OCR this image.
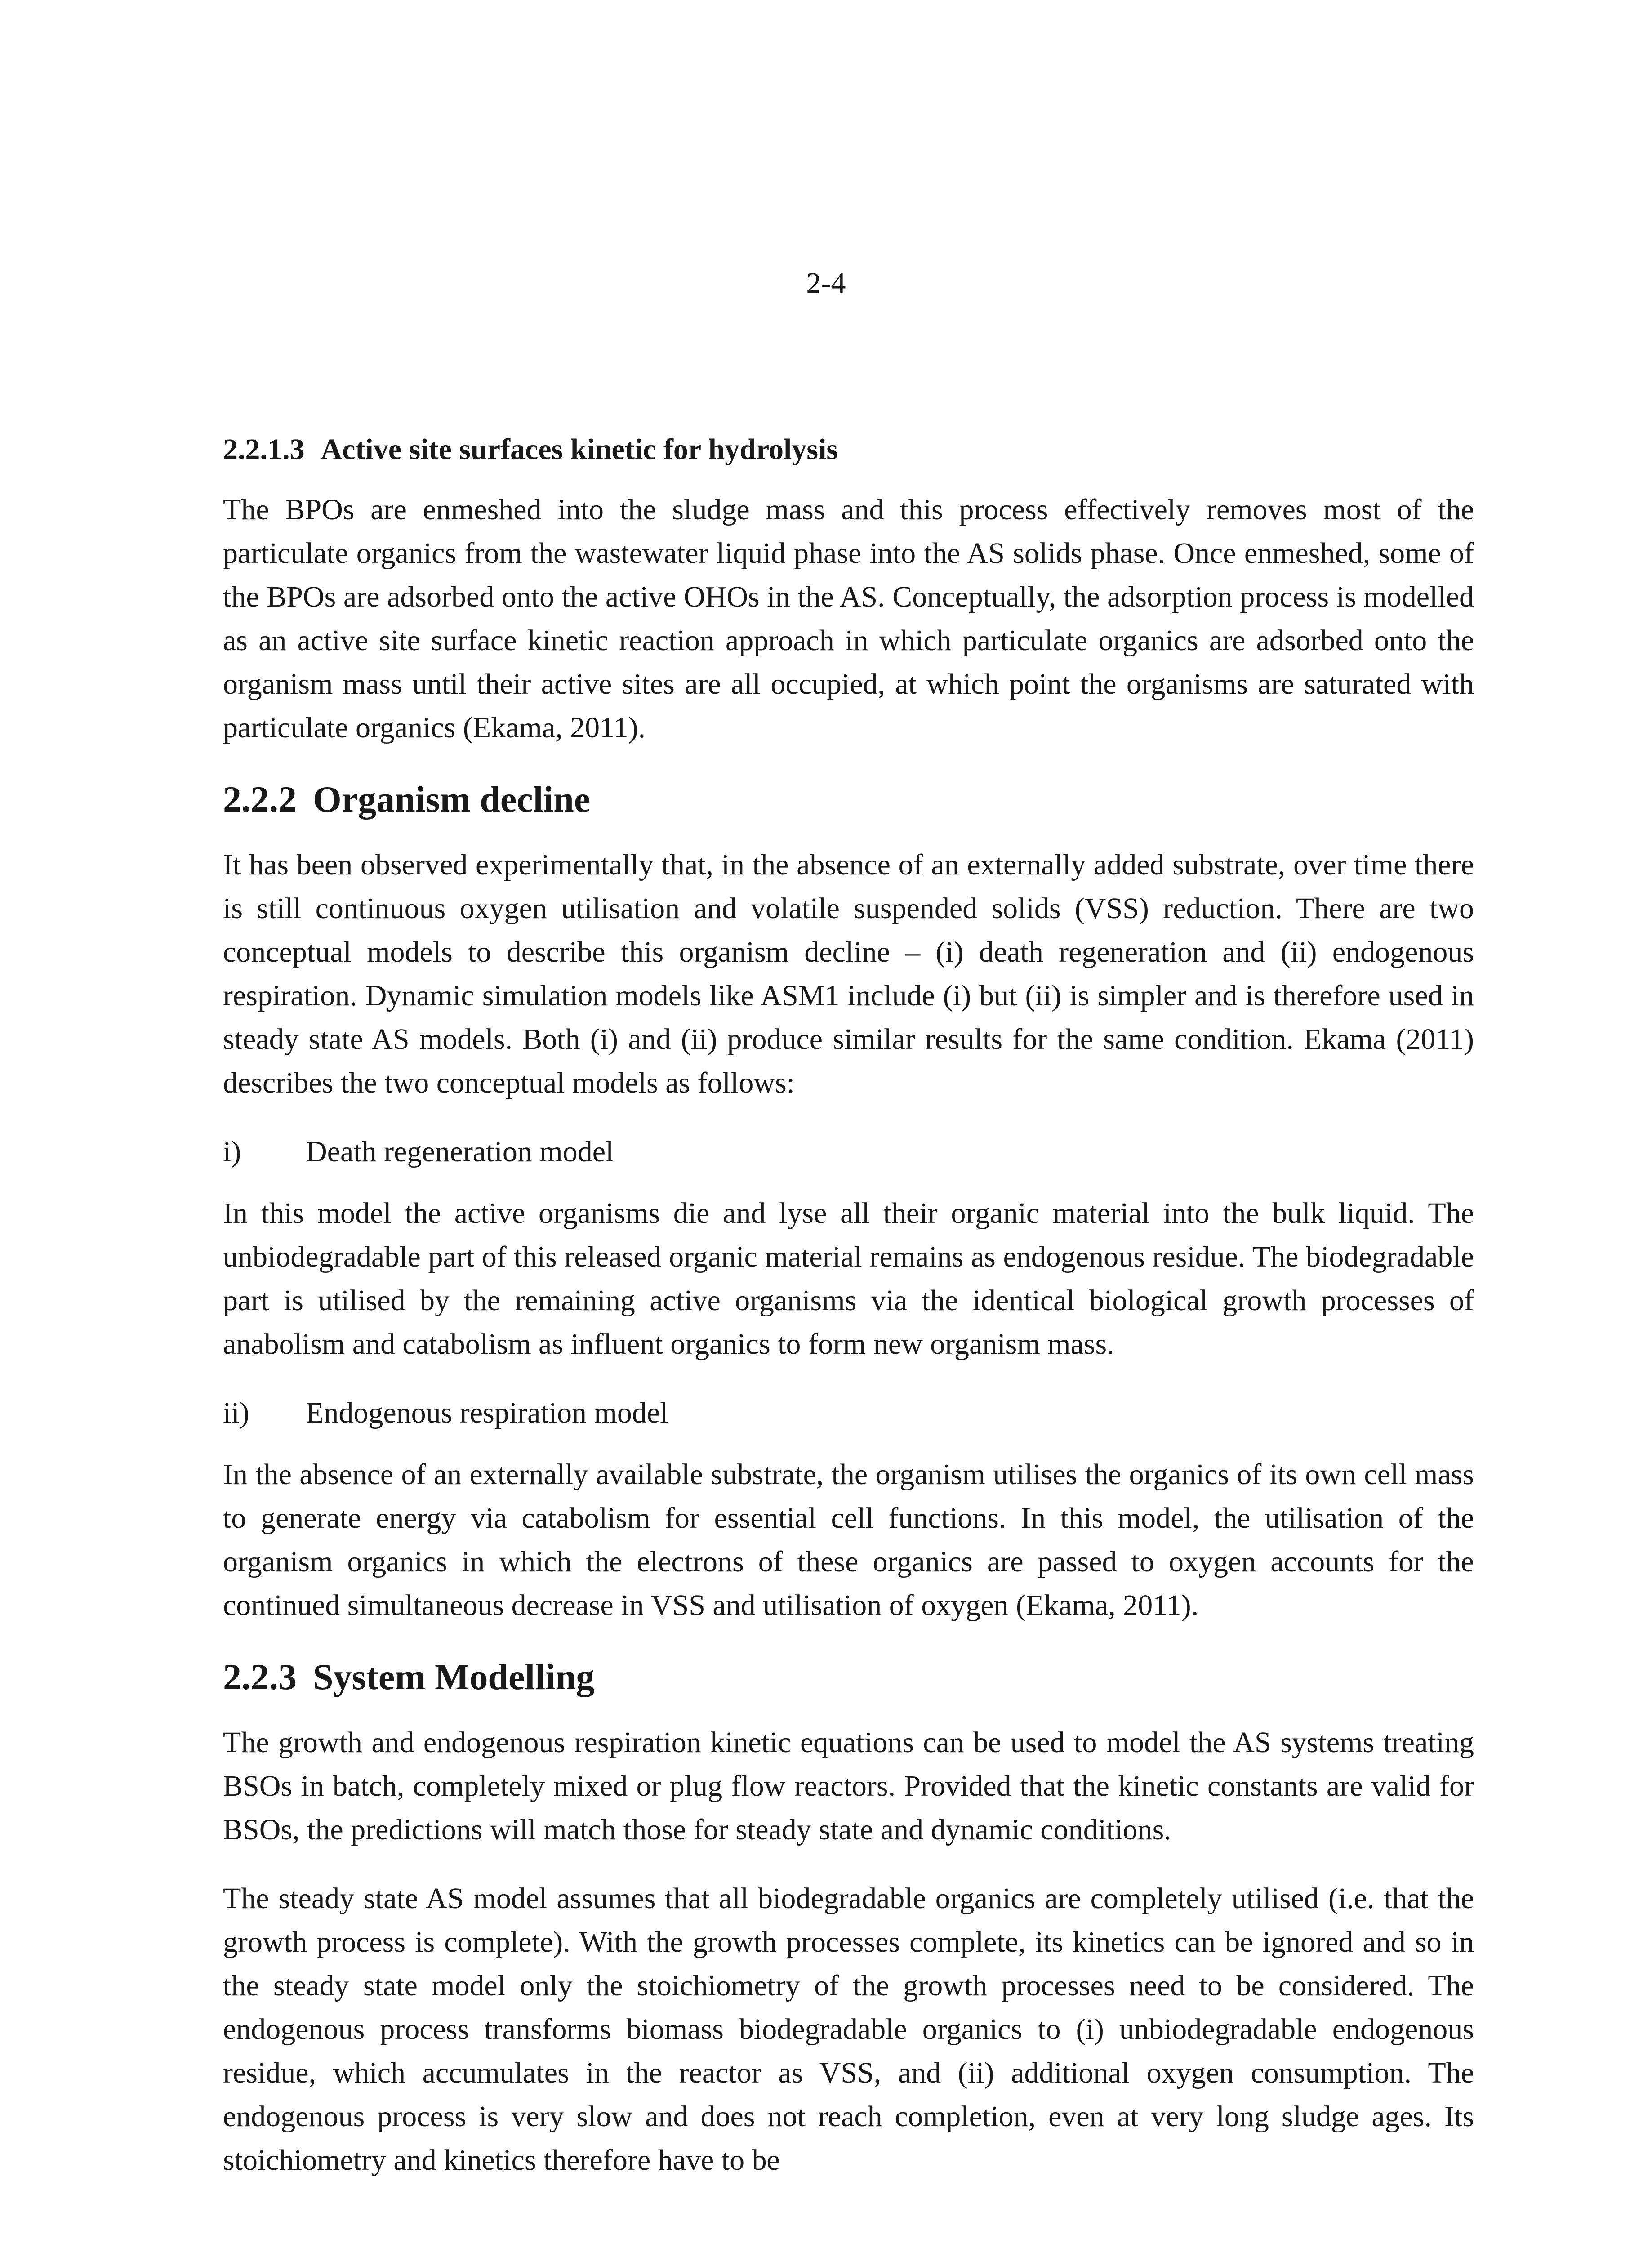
2-4
2.2.1.3 Active site surfaces kinetic for hydrolysis

The BPOs are enmeshed into the sludge mass and this process effectively removes most of the particulate organics from the wastewater liquid phase into the AS solids phase. Once enmeshed, some of the BPOs are adsorbed onto the active OHOs in the AS. Conceptually, the adsorption process is modelled as an active site surface kinetic reaction approach in which particulate organics are adsorbed onto the organism mass until their active sites are all occupied, at which point the organisms are saturated with particulate organics (Ekama, 2011).

2.2.2 Organism decline

It has been observed experimentally that, in the absence of an externally added substrate, over time there is still continuous oxygen utilisation and volatile suspended solids (VSS) reduction. There are two conceptual models to describe this organism decline – (i) death regeneration and (ii) endogenous respiration. Dynamic simulation models like ASM1 include (i) but (ii) is simpler and is therefore used in steady state AS models. Both (i) and (ii) produce similar results for the same condition. Ekama (2011) describes the two conceptual models as follows:

i) Death regeneration model

In this model the active organisms die and lyse all their organic material into the bulk liquid. The unbiodegradable part of this released organic material remains as endogenous residue. The biodegradable part is utilised by the remaining active organisms via the identical biological growth processes of anabolism and catabolism as influent organics to form new organism mass.

ii) Endogenous respiration model

In the absence of an externally available substrate, the organism utilises the organics of its own cell mass to generate energy via catabolism for essential cell functions. In this model, the utilisation of the organism organics in which the electrons of these organics are passed to oxygen accounts for the continued simultaneous decrease in VSS and utilisation of oxygen (Ekama, 2011).

2.2.3 System Modelling

The growth and endogenous respiration kinetic equations can be used to model the AS systems treating BSOs in batch, completely mixed or plug flow reactors. Provided that the kinetic constants are valid for BSOs, the predictions will match those for steady state and dynamic conditions.

The steady state AS model assumes that all biodegradable organics are completely utilised (i.e. that the growth process is complete). With the growth processes complete, its kinetics can be ignored and so in the steady state model only the stoichiometry of the growth processes need to be considered. The endogenous process transforms biomass biodegradable organics to (i) unbiodegradable endogenous residue, which accumulates in the reactor as VSS, and (ii) additional oxygen consumption. The endogenous process is very slow and does not reach completion, even at very long sludge ages. Its stoichiometry and kinetics therefore have to be
